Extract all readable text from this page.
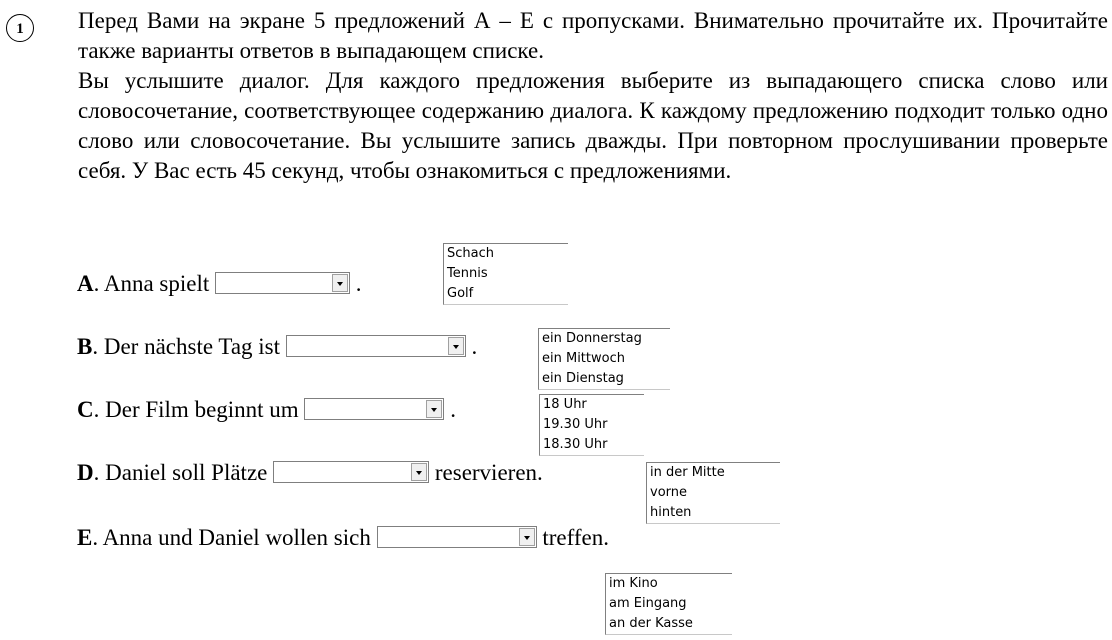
1	Перед Вами на экране 5 предложений А – Е с пропусками. Внимательно прочитайте их. Прочитайте также варианты ответов в выпадающем списке.

Вы услышите диалог. Для каждого предложения выберите из выпадающего списка слово или словосочетание, соответствующее содержанию диалога. К каждому предложению подходит только одно слово или словосочетание. Вы услышите запись дважды. При повторном прослушивании проверьте себя. У Вас есть 45 секунд, чтобы ознакомиться с предложениями.

A. Anna spielt	.
Schach
Tennis
Golf
B. Der nächste Tag ist	.	ein Donnerstag
ein Mittwoch
ein Dienstag
C. Der Film beginnt um	.	18 Uhr
19.30 Uhr
18.30 Uhr
D. Daniel soll Plätze	reservieren.	in der Mitte
vorne
hinten
E. Anna und Daniel wollen sich	treffen.
im Kino
am Eingang
an der Kasse
